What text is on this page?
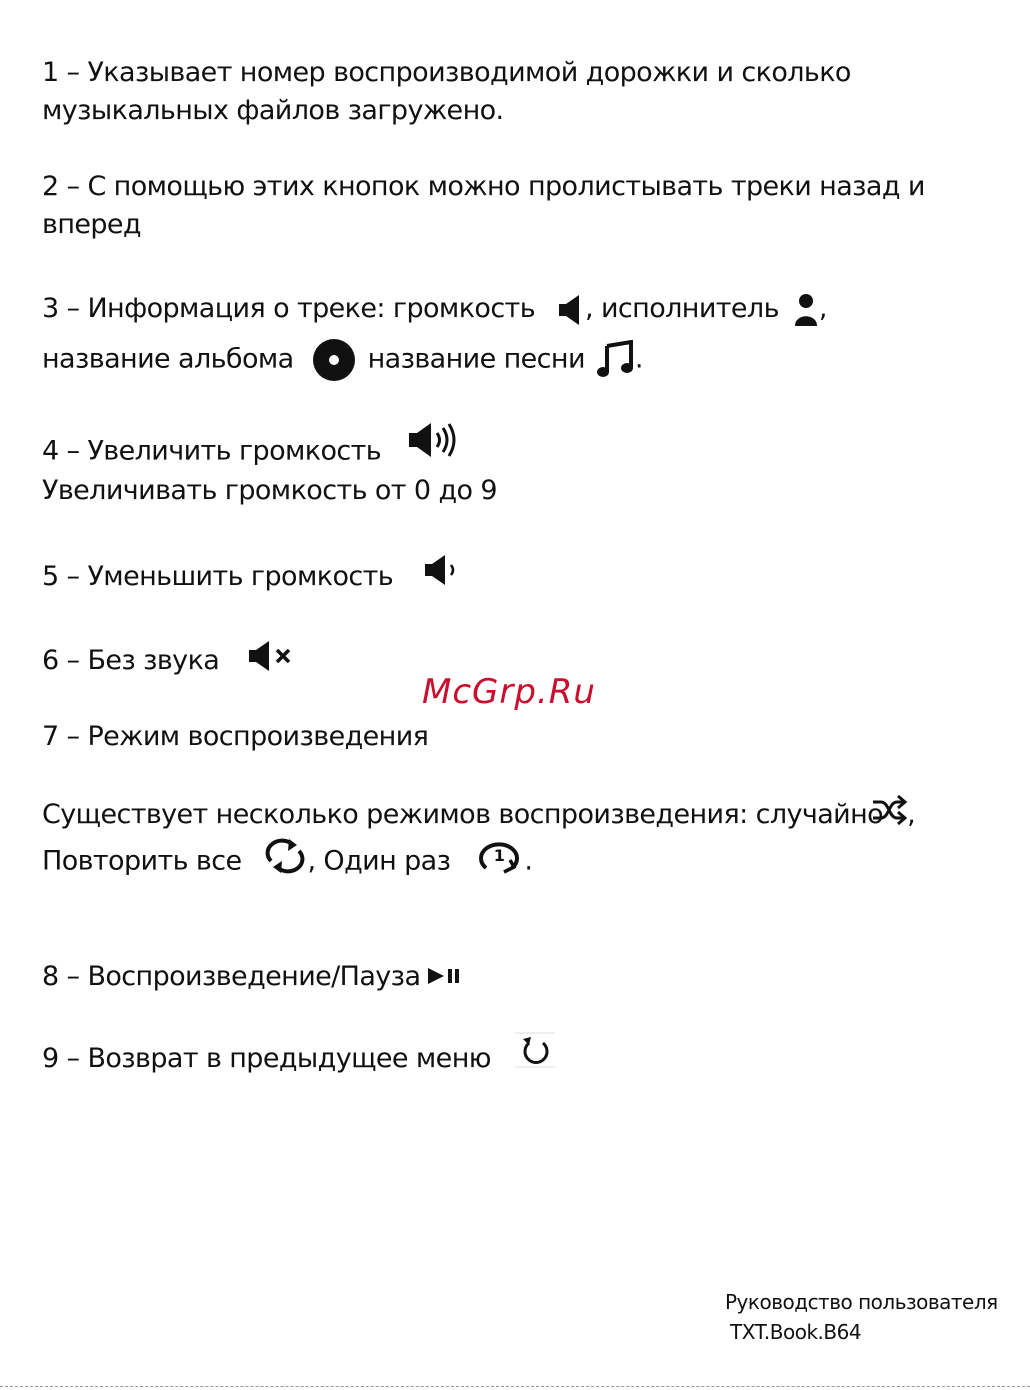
1 – Указывает номер воспроизводимой дорожки и сколько
музыкальных файлов загружено.
2 – С помощью этих кнопок можно пролистывать треки назад и
вперед
3 – Информация о треке: громкость , исполнитель ,
название альбома	название песни .
4 – Увеличить громкость
Увеличивать громкость от 0 до 9
5 – Уменьшить громкость
6 – Без звука
McGrp.Ru
7 – Режим воспроизведения
Существует несколько режимов воспроизведения: случайно ,
Повторить все , Один раз	1 .
8 – Воспроизведение/Пауза
9 – Возврат в предыдущее меню
Руководство пользователя
TXT.Book.B64
